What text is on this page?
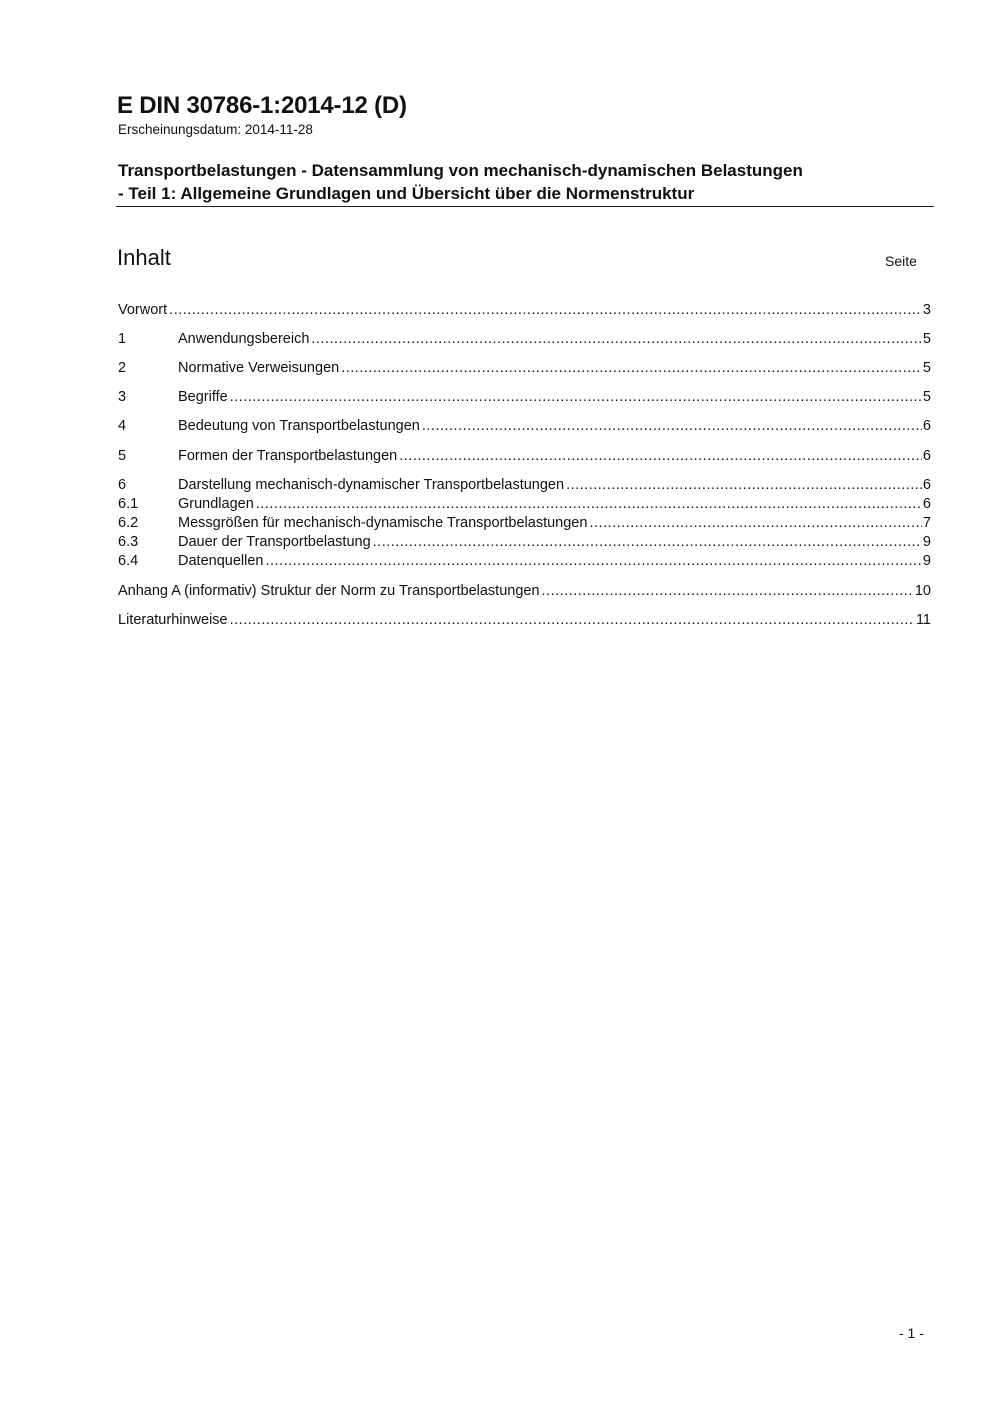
E DIN 30786-1:2014-12 (D)
Erscheinungsdatum: 2014-11-28
Transportbelastungen - Datensammlung von mechanisch-dynamischen Belastungen
- Teil 1: Allgemeine Grundlagen und Übersicht über die Normenstruktur
Inhalt	Seite
Vorwort .....	3
1	Anwendungsbereich .....	5
2	Normative Verweisungen .....	5
3	Begriffe .....	5
4	Bedeutung von Transportbelastungen .....	6
5	Formen der Transportbelastungen .....	6
6	Darstellung mechanisch-dynamischer Transportbelastungen .....	6
6.1	Grundlagen .....	6
6.2	Messgrößen für mechanisch-dynamische Transportbelastungen .....	7
6.3	Dauer der Transportbelastung .....	9
6.4	Datenquellen .....	9
Anhang A (informativ) Struktur der Norm zu Transportbelastungen .....	10
Literaturhinweise .....	11
- 1 -
